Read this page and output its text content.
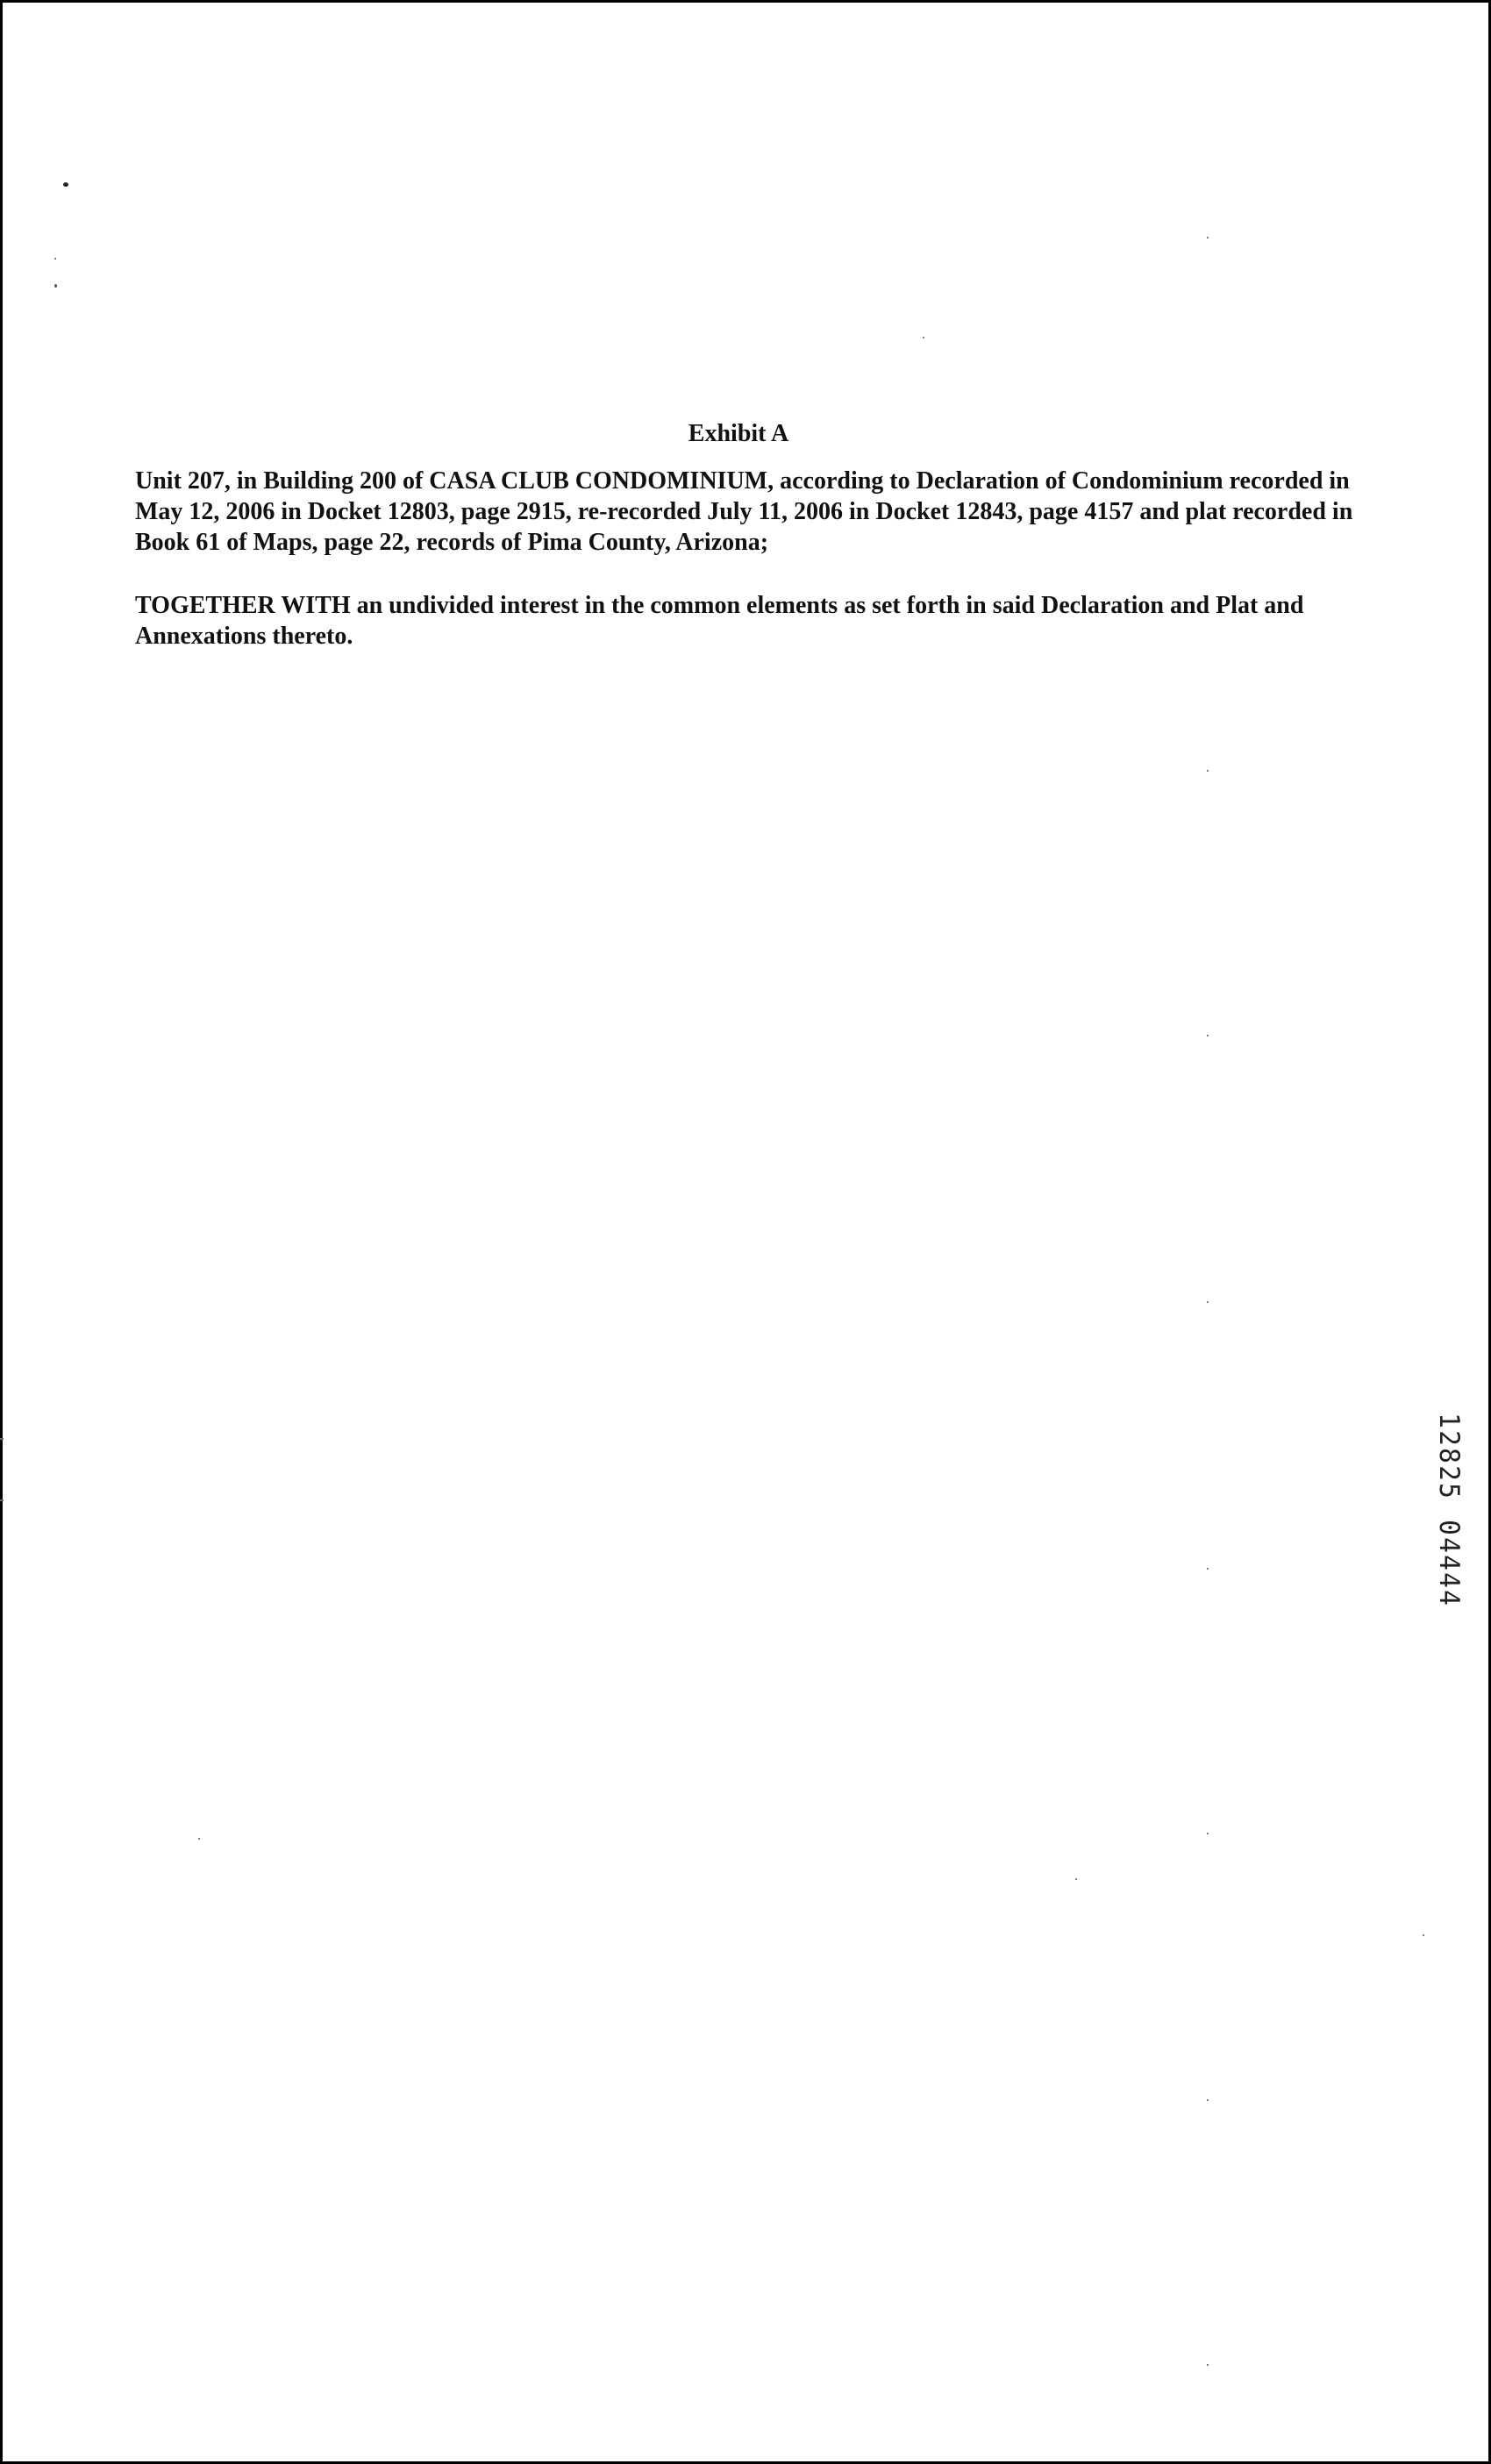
Exhibit A

Unit 207, in Building 200 of CASA CLUB CONDOMINIUM, according to Declaration of Condominium recorded in May 12, 2006 in Docket 12803, page 2915, re-recorded July 11, 2006 in Docket 12843, page 4157 and plat recorded in Book 61 of Maps, page 22, records of Pima County, Arizona;

TOGETHER WITH an undivided interest in the common elements as set forth in said Declaration and Plat and Annexations thereto.

1
2
8
2
5
0
4
4
4
4
